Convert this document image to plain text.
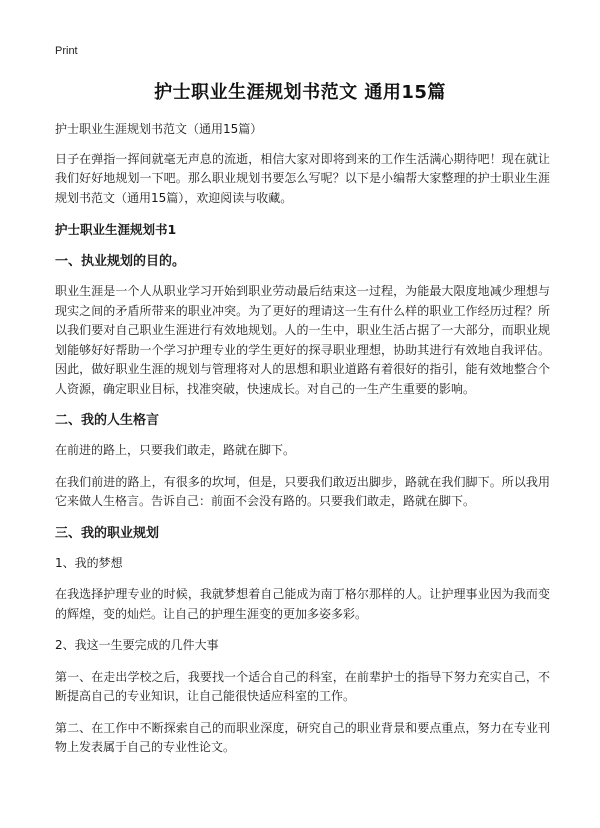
Print
护士职业生涯规划书范文 通用15篇

护士职业生涯规划书范文（通用15篇）

日子在弹指一挥间就毫无声息的流逝，相信大家对即将到来的工作生活满心期待吧！现在就让我们好好地规划一下吧。那么职业规划书要怎么写呢？以下是小编帮大家整理的护士职业生涯规划书范文（通用15篇），欢迎阅读与收藏。

护士职业生涯规划书1
一、执业规划的目的。

职业生涯是一个人从职业学习开始到职业劳动最后结束这一过程，为能最大限度地减少理想与现实之间的矛盾所带来的职业冲突。为了更好的理请这一生有什么样的职业工作经历过程？所以我们要对自己职业生涯进行有效地规划。人的一生中，职业生活占据了一大部分，而职业规划能够好好帮助一个学习护理专业的学生更好的探寻职业理想，协助其进行有效地自我评估。因此，做好职业生涯的规划与管理将对人的思想和职业道路有着很好的指引，能有效地整合个人资源，确定职业目标，找准突破，快速成长。对自己的一生产生重要的影响。

二、我的人生格言

在前进的路上，只要我们敢走，路就在脚下。

在我们前进的路上，有很多的坎坷，但是，只要我们敢迈出脚步，路就在我们脚下。所以我用它来做人生格言。告诉自己：前面不会没有路的。只要我们敢走，路就在脚下。

三、我的职业规划

1、我的梦想

在我选择护理专业的时候，我就梦想着自己能成为南丁格尔那样的人。让护理事业因为我而变的辉煌，变的灿烂。让自己的护理生涯变的更加多姿多彩。

2、我这一生要完成的几件大事

第一、在走出学校之后，我要找一个适合自己的科室，在前辈护士的指导下努力充实自己，不断提高自己的专业知识，让自己能很快适应科室的工作。

第二、在工作中不断探索自己的而职业深度，研究自己的职业背景和要点重点，努力在专业刊物上发表属于自己的专业性论文。
